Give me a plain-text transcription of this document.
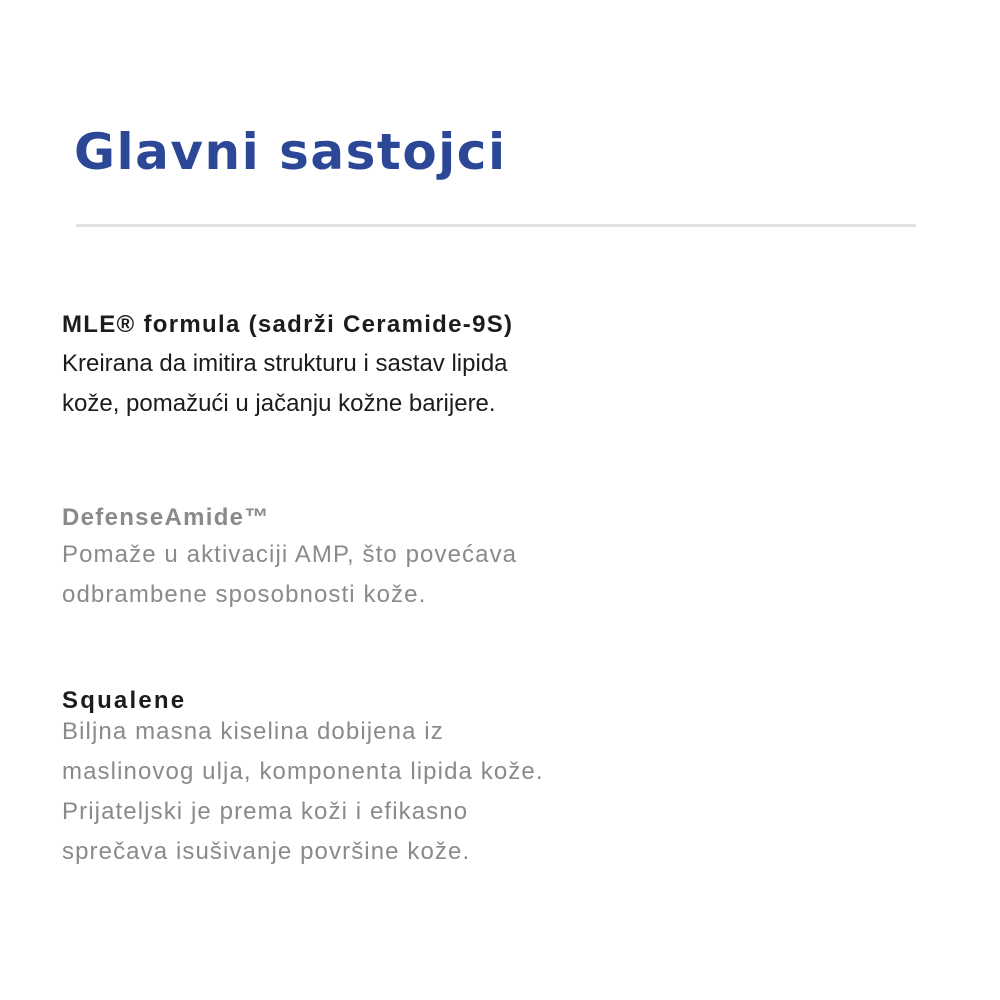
Glavni sastojci
MLE® formula (sadrži Ceramide-9S)

Kreirana da imitira strukturu i sastav lipida
kože, pomažući u jačanju kožne barijere.

DefenseAmide™

Pomaže u aktivaciji AMP, što povećava
odbrambene sposobnosti kože.

Squalene

Biljna masna kiselina dobijena iz
maslinovog ulja, komponenta lipida kože.
Prijateljski je prema koži i efikasno
sprečava isušivanje površine kože.
